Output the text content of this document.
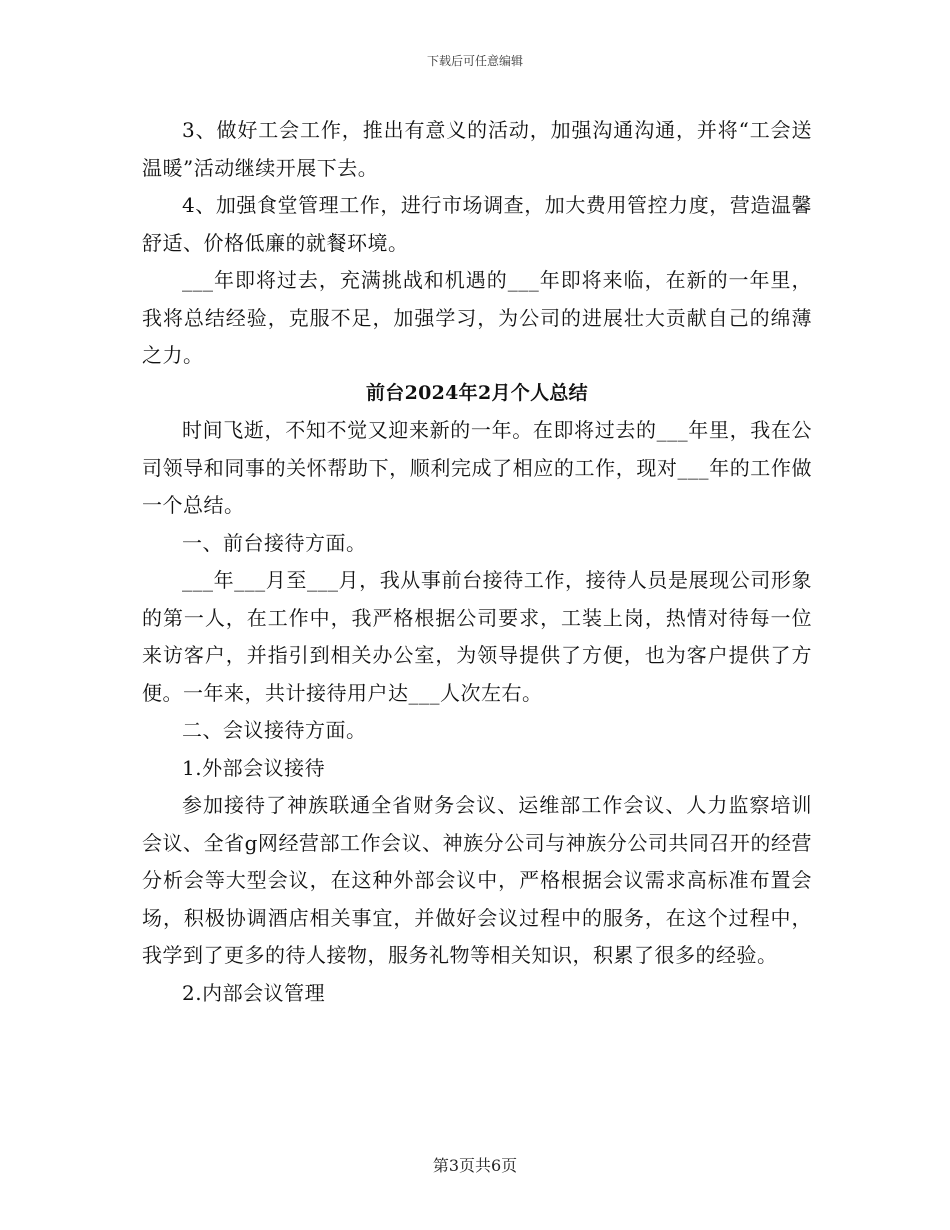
下载后可任意编辑

3、做好工会工作，推出有意义的活动，加强沟通沟通，并将“工会送温暖”活动继续开展下去。

4、加强食堂管理工作，进行市场调查，加大费用管控力度，营造温馨舒适、价格低廉的就餐环境。

___年即将过去，充满挑战和机遇的___年即将来临，在新的一年里，我将总结经验，克服不足，加强学习，为公司的进展壮大贡献自己的绵薄之力。

前台2024年2月个人总结

时间飞逝，不知不觉又迎来新的一年。在即将过去的___年里，我在公司领导和同事的关怀帮助下，顺利完成了相应的工作，现对___年的工作做一个总结。

一、前台接待方面。

___年___月至___月，我从事前台接待工作，接待人员是展现公司形象的第一人，在工作中，我严格根据公司要求，工装上岗，热情对待每一位来访客户，并指引到相关办公室，为领导提供了方便，也为客户提供了方便。一年来，共计接待用户达___人次左右。

二、会议接待方面。

1.外部会议接待

参加接待了神族联通全省财务会议、运维部工作会议、人力监察培训会议、全省g网经营部工作会议、神族分公司与神族分公司共同召开的经营分析会等大型会议，在这种外部会议中，严格根据会议需求高标准布置会场，积极协调酒店相关事宜，并做好会议过程中的服务，在这个过程中，我学到了更多的待人接物，服务礼物等相关知识，积累了很多的经验。

2.内部会议管理

第3页共6页
